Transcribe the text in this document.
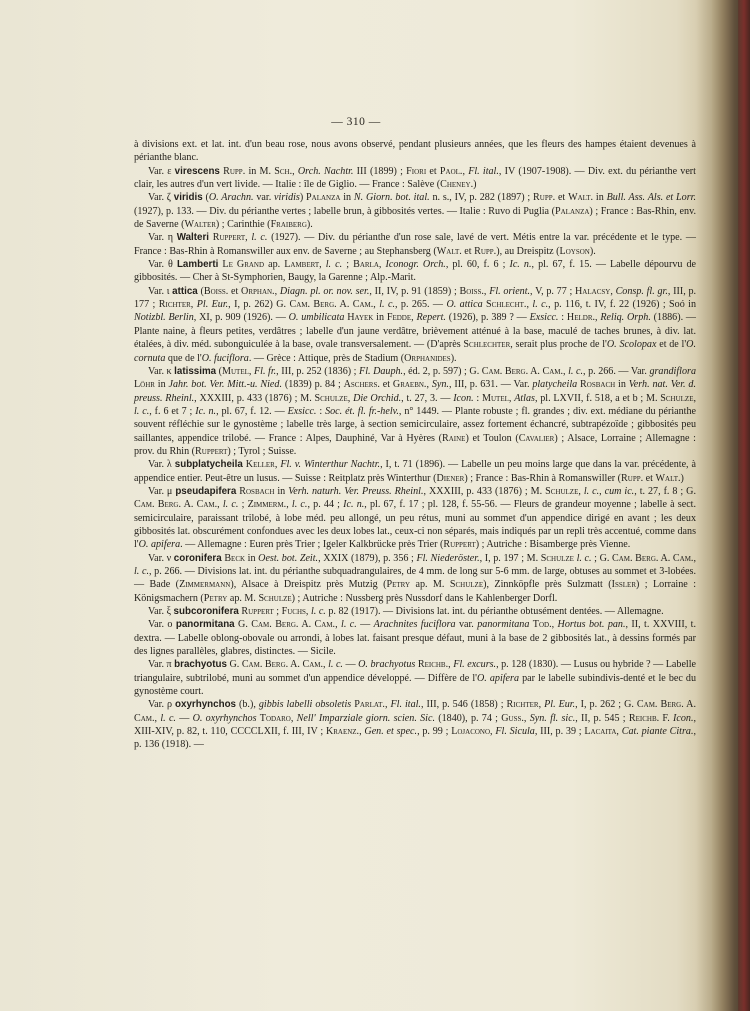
— 310 —

à divisions ext. et lat. int. d'un beau rose, nous avons observé, pendant plusieurs années, que les fleurs des hampes étaient devenues à périanthe blanc.

Var. ε virescens Rupp. in M. Sch., Orch. Nachtr. III (1899) ; Fiori et Paol., Fl. ital., IV (1907-1908). — Div. ext. du périanthe vert clair, les autres d'un vert livide. — Italie : île de Giglio. — France : Salève (Cheney.)

Var. ζ viridis (O. Arachn. var. viridis) Palanza in N. Giorn. bot. ital. n. s., IV, p. 282 (1897) ; Rupp. et Walt. in Bull. Ass. Als. et Lorr. (1927), p. 133. — Div. du périanthe vertes ; labelle brun, à gibbosités vertes. — Italie : Ruvo di Puglia (Palanza) ; France : Bas-Rhin, env. de Saverne (Walter) ; Carinthie (Fraiberg).

Var. η Walteri Ruppert, l. c. (1927). — Div. du périanthe d'un rose sale, lavé de vert. Métis entre la var. précédente et le type. — France : Bas-Rhin à Romanswiller aux env. de Saverne ; au Stephansberg (Walt. et Rupp.), au Dreispitz (Loyson).

Var. θ Lamberti Le Grand ap. Lambert, l. c. ; Barla, Iconogr. Orch., pl. 60, f. 6 ; Ic. n., pl. 67, f. 15. — Labelle dépourvu de gibbosités. — Cher à St-Symphorien, Baugy, la Garenne ; Alp.-Marit.

Var. ι attica (Boiss. et Orphan., Diagn. pl. or. nov. ser., II, IV, p. 91 (1859) ; Boiss., Fl. orient., V, p. 77 ; Halacsy, Consp. fl. gr., III, p. 177 ; Richter, Pl. Eur., I, p. 262) G. Cam. Berg. A. Cam., l. c., p. 265. — O. attica Schlecht., l. c., p. 116, t. IV, f. 22 (1926) ; Soó in Notizbl. Berlin, XI, p. 909 (1926). — O. umbilicata Hayek in Fedde, Repert. (1926), p. 389 ? — Exsicc. : Heldr., Reliq. Orph. (1886). — Plante naine, à fleurs petites, verdâtres ; labelle d'un jaune verdâtre, brièvement atténué à la base, maculé de taches brunes, à div. lat. étalées, à div. méd. subonguiculée à la base, ovale transversalement. — (D'après Schlechter, serait plus proche de l'O. Scolopax et de l'O. cornuta que de l'O. fuciflora. — Grèce : Attique, près de Stadium (Orphanides).

Var. κ latissima (Mutel, Fl. fr., III, p. 252 (1836) ; Fl. Dauph., éd. 2, p. 597) ; G. Cam. Berg. A. Cam., l. c., p. 266. — Var. grandiflora Löhr in Jahr. bot. Ver. Mitt.-u. Nied. (1839) p. 84 ; Aschers. et Graebn., Syn., III, p. 631. — Var. platycheila Rosbach in Verh. nat. Ver. d. preuss. Rheinl., XXXIII, p. 433 (1876) ; M. Schulze, Die Orchid., t. 27, 3. — Icon. : Mutel, Atlas, pl. LXVII, f. 518, a et b ; M. Schulze, l. c., f. 6 et 7 ; Ic. n., pl. 67, f. 12. — Exsicc. : Soc. ét. fl. fr.-helv., n° 1449. — Plante robuste ; fl. grandes ; div. ext. médiane du périanthe souvent réfléchie sur le gynostème ; labelle très large, à section semicirculaire, assez fortement échancré, subtrapézoïde ; gibbosités peu saillantes, appendice trilobé. — France : Alpes, Dauphiné, Var à Hyères (Raine) et Toulon (Cavalier) ; Alsace, Lorraine ; Allemagne : prov. du Rhin (Ruppert) ; Tyrol ; Suisse.

Var. λ subplatycheila Keller, Fl. v. Winterthur Nachtr., I, t. 71 (1896). — Labelle un peu moins large que dans la var. précédente, à appendice entier. Peut-être un lusus. — Suisse : Reitplatz près Winterthur (Diener) ; France : Bas-Rhin à Romanswiller (Rupp. et Walt.)

Var. μ pseudapifera Rosbach in Verh. naturh. Ver. Preuss. Rheinl., XXXIII, p. 433 (1876) ; M. Schulze, l. c., cum ic., t. 27, f. 8 ; G. Cam. Berg. A. Cam., l. c. ; Zimmerm., l. c., p. 44 ; Ic. n., pl. 67, f. 17 ; pl. 128, f. 55-56. — Fleurs de grandeur moyenne ; labelle à sect. semicirculaire, paraissant trilobé, à lobe méd. peu allongé, un peu rétus, muni au sommet d'un appendice dirigé en avant ; les deux gibbosités lat. obscurément confondues avec les deux lobes lat., ceux-ci non séparés, mais indiqués par un repli très accentué, comme dans l'O. apifera. — Allemagne : Euren près Trier ; Igeler Kalkbrücke près Trier (Ruppert) ; Autriche : Bisamberge près Vienne.

Var. ν coronifera Beck in Oest. bot. Zeit., XXIX (1879), p. 356 ; Fl. Niederöster., I, p. 197 ; M. Schulze l. c. ; G. Cam. Berg. A. Cam., l. c., p. 266. — Divisions lat. int. du périanthe subquadrangulaires, de 4 mm. de long sur 5-6 mm. de large, obtuses au sommet et 3-lobées.— Bade (Zimmermann), Alsace à Dreispitz près Mutzig (Petry ap. M. Schulze), Zinnköpfle près Sulzmatt (Issler) ; Lorraine : Königsmachern (Petry ap. M. Schulze) ; Autriche : Nussberg près Nussdorf dans le Kahlenberger Dorfl.

Var. ξ subcoronifera Ruppert ; Fuchs, l. c. p. 82 (1917). — Divisions lat. int. du périanthe obtusément dentées. — Allemagne.

Var. ο panormitana G. Cam. Berg. A. Cam., l. c. — Arachnites fuciflora var. panormitana Tod., Hortus bot. pan., II, t. XXVIII, t. dextra. — Labelle oblong-obovale ou arrondi, à lobes lat. faisant presque défaut, muni à la base de 2 gibbosités lat., à dessins formés par des lignes parallèles, glabres, distinctes. — Sicile.

Var. π brachyotus G. Cam. Berg. A. Cam., l. c. — O. brachyotus Reichb., Fl. excurs., p. 128 (1830). — Lusus ou hybride ? — Labelle triangulaire, subtrilobé, muni au sommet d'un appendice développé. — Diffère de l'O. apifera par le labelle subindivis-denté et le bec du gynostème court.

Var. ρ oxyrhynchos (b.), gibbis labelli obsoletis Parlat., Fl. ital., III, p. 546 (1858) ; Richter, Pl. Eur., I, p. 262 ; G. Cam. Berg. A. Cam., l. c. — O. oxyrhynchos Todaro, Nell' Imparziale giorn. scien. Sic. (1840), p. 74 ; Guss., Syn. fl. sic., II, p. 545 ; Reichb. F. Icon., XIII-XIV, p. 82, t. 110, CCCCLXII, f. III, IV ; Kraenz., Gen. et spec., p. 99 ; Lojacono, Fl. Sicula, III, p. 39 ; Lacaita, Cat. piante Citra., p. 136 (1918). —
